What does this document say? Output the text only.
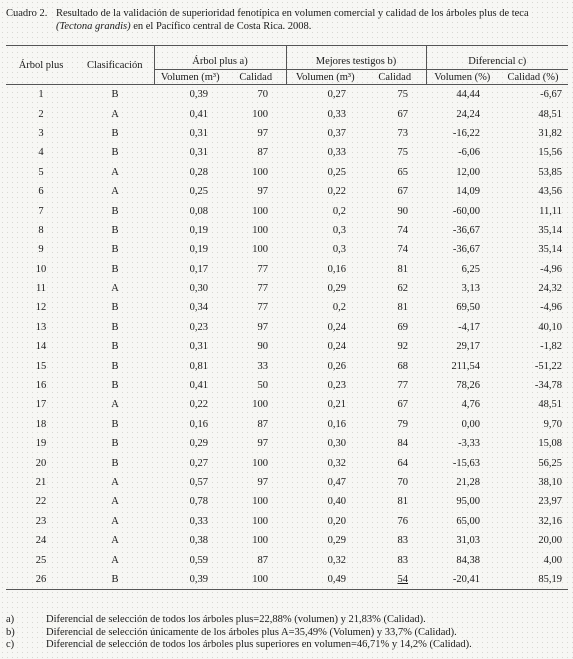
Cuadro 2. Resultado de la validación de superioridad fenotípica en volumen comercial y calidad de los árboles plus de teca
(Tectona grandis) en el Pacífico central de Costa Rica. 2008.
Árbol plus	Clasificación	Árbol plus a)		Mejores testigos b)		Diferencial c)	
		Volumen (m³)	Calidad	Volumen (m³)	Calidad	Volumen (%)	Calidad (%)
1	B	0,39	70	0,27	75	44,44	-6,67
2	A	0,41	100	0,33	67	24,24	48,51
3	B	0,31	97	0,37	73	-16,22	31,82
4	B	0,31	87	0,33	75	-6,06	15,56
5	A	0,28	100	0,25	65	12,00	53,85
6	A	0,25	97	0,22	67	14,09	43,56
7	B	0,08	100	0,2	90	-60,00	11,11
8	B	0,19	100	0,3	74	-36,67	35,14
9	B	0,19	100	0,3	74	-36,67	35,14
10	B	0,17	77	0,16	81	6,25	-4,96
11	A	0,30	77	0,29	62	3,13	24,32
12	B	0,34	77	0,2	81	69,50	-4,96
13	B	0,23	97	0,24	69	-4,17	40,10
14	B	0,31	90	0,24	92	29,17	-1,82
15	B	0,81	33	0,26	68	211,54	-51,22
16	B	0,41	50	0,23	77	78,26	-34,78
17	A	0,22	100	0,21	67	4,76	48,51
18	B	0,16	87	0,16	79	0,00	9,70
19	B	0,29	97	0,30	84	-3,33	15,08
20	B	0,27	100	0,32	64	-15,63	56,25
21	A	0,57	97	0,47	70	21,28	38,10
22	A	0,78	100	0,40	81	95,00	23,97
23	A	0,33	100	0,20	76	65,00	32,16
24	A	0,38	100	0,29	83	31,03	20,00
25	A	0,59	87	0,32	83	84,38	4,00
26	B	0,39	100	0,49	54	-20,41	85,19
a)	Diferencial de selección de todos los árboles plus=22,88% (volumen) y 21,83% (Calidad).
b)	Diferencial de selección únicamente de los árboles plus A=35,49% (Volumen) y 33,7% (Calidad).
c)	Diferencial de selección de todos los árboles plus superiores en volumen=46,71% y 14,2% (Calidad).
